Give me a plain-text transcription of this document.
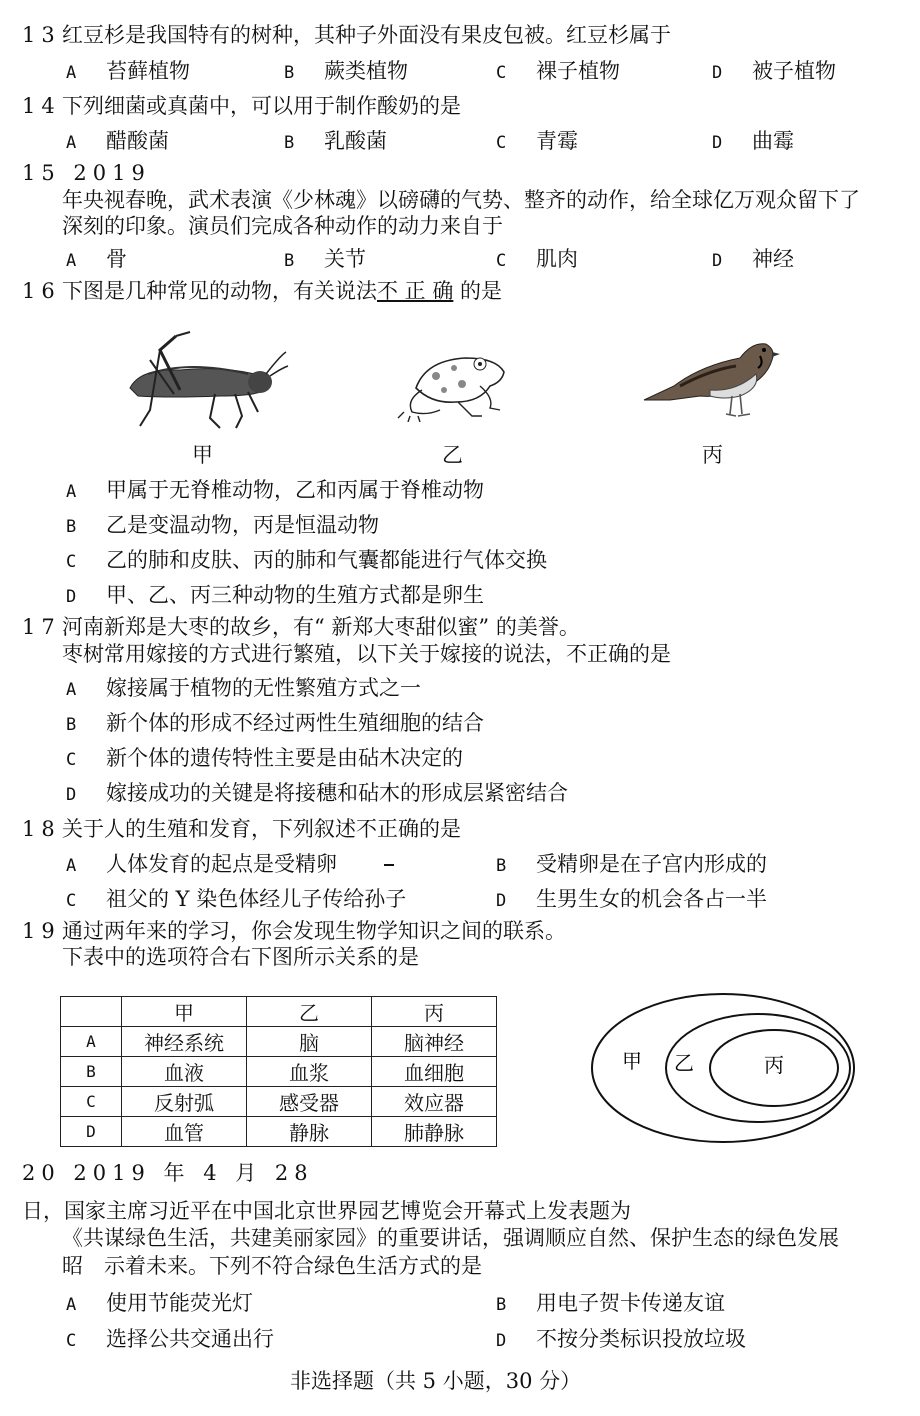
13 红豆杉是我国特有的树种，其种子外面没有果皮包被。红豆杉属于
A 苔藓植物	B 蕨类植物	C 裸子植物	D 被子植物
14 下列细菌或真菌中，可以用于制作酸奶的是
A 醋酸菌	B 乳酸菌	C 青霉	D 曲霉
15 2019
年央视春晚，武术表演《少林魂》以磅礴的气势、整齐的动作，给全球亿万观众留下了
深刻的印象。演员们完成各种动作的动力来自于
A 骨	B 关节	C 肌肉	D 神经
16 下图是几种常见的动物，有关说法不 正 确 的是
甲	乙	丙
A 甲属于无脊椎动物，乙和丙属于脊椎动物
B 乙是变温动物，丙是恒温动物
C 乙的肺和皮肤、丙的肺和气囊都能进行气体交换
D 甲、乙、丙三种动物的生殖方式都是卵生
17 河南新郑是大枣的故乡，有“ 新郑大枣甜似蜜” 的美誉。
枣树常用嫁接的方式进行繁殖，以下关于嫁接的说法，不正确的是
A 嫁接属于植物的无性繁殖方式之一
B 新个体的形成不经过两性生殖细胞的结合
C 新个体的遗传特性主要是由砧木决定的
D 嫁接成功的关键是将接穗和砧木的形成层紧密结合
18 关于人的生殖和发育，下列叙述不正确的是
A 人体发育的起点是受精卵	B 受精卵是在子宫内形成的
C 祖父的 Y 染色体经儿子传给孙子	D 生男生女的机会各占一半
19 通过两年来的学习，你会发现生物学知识之间的联系。
下表中的选项符合右下图所示关系的是
	甲	乙	丙
A	神经系统	脑	脑神经
B	血液	血浆	血细胞
C	反射弧	感受器	效应器
D	血管	静脉	肺静脉
甲 乙	丙
20 2019 年 4 月 28
日，国家主席习近平在中国北京世界园艺博览会开幕式上发表题为
《共谋绿色生活，共建美丽家园》的重要讲话，强调顺应自然、保护生态的绿色发展
昭　示着未来。下列不符合绿色生活方式的是
A 使用节能荧光灯	B 用电子贺卡传递友谊
C 选择公共交通出行	D 不按分类标识投放垃圾
非选择题（共 5 小题，30 分）
